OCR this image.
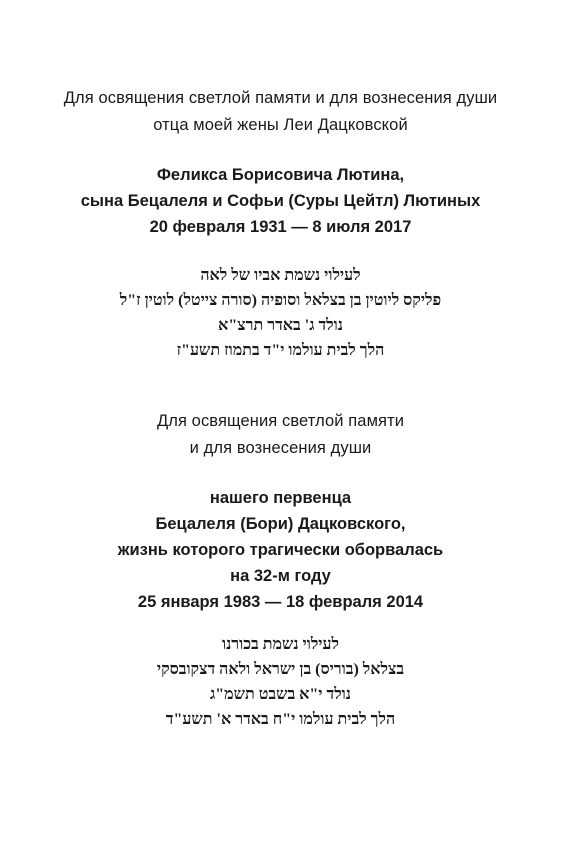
Для освящения светлой памяти и для вознесения души

отца моей жены Леи Дацковской

Феликса Борисовича Лютина,

сына Бецалеля и Софьи (Суры Цейтл) Лютиных

20 февраля 1931 — 8 июля 2017

לעילוי נשמת אביו של לאה

פליקס ליוטין בן בצלאל וסופיה (סורה צייטל) לוטין ז"ל

נולד ג' באדר תרצ"א

הלך לבית עולמו י"ד בתמוז תשע"ז

Для освящения светлой памяти

и для вознесения души

нашего первенца

Бецалеля (Бори) Дацковского,

жизнь которого трагически оборвалась

на 32-м году

25 января 1983 — 18 февраля 2014

לעילוי נשמת בכורנו

בצלאל (בוריס) בן ישראל ולאה דצקובסקי

נולד י"א בשבט תשמ"ג

הלך לבית עולמו י"ח באדר א' תשע"ד
